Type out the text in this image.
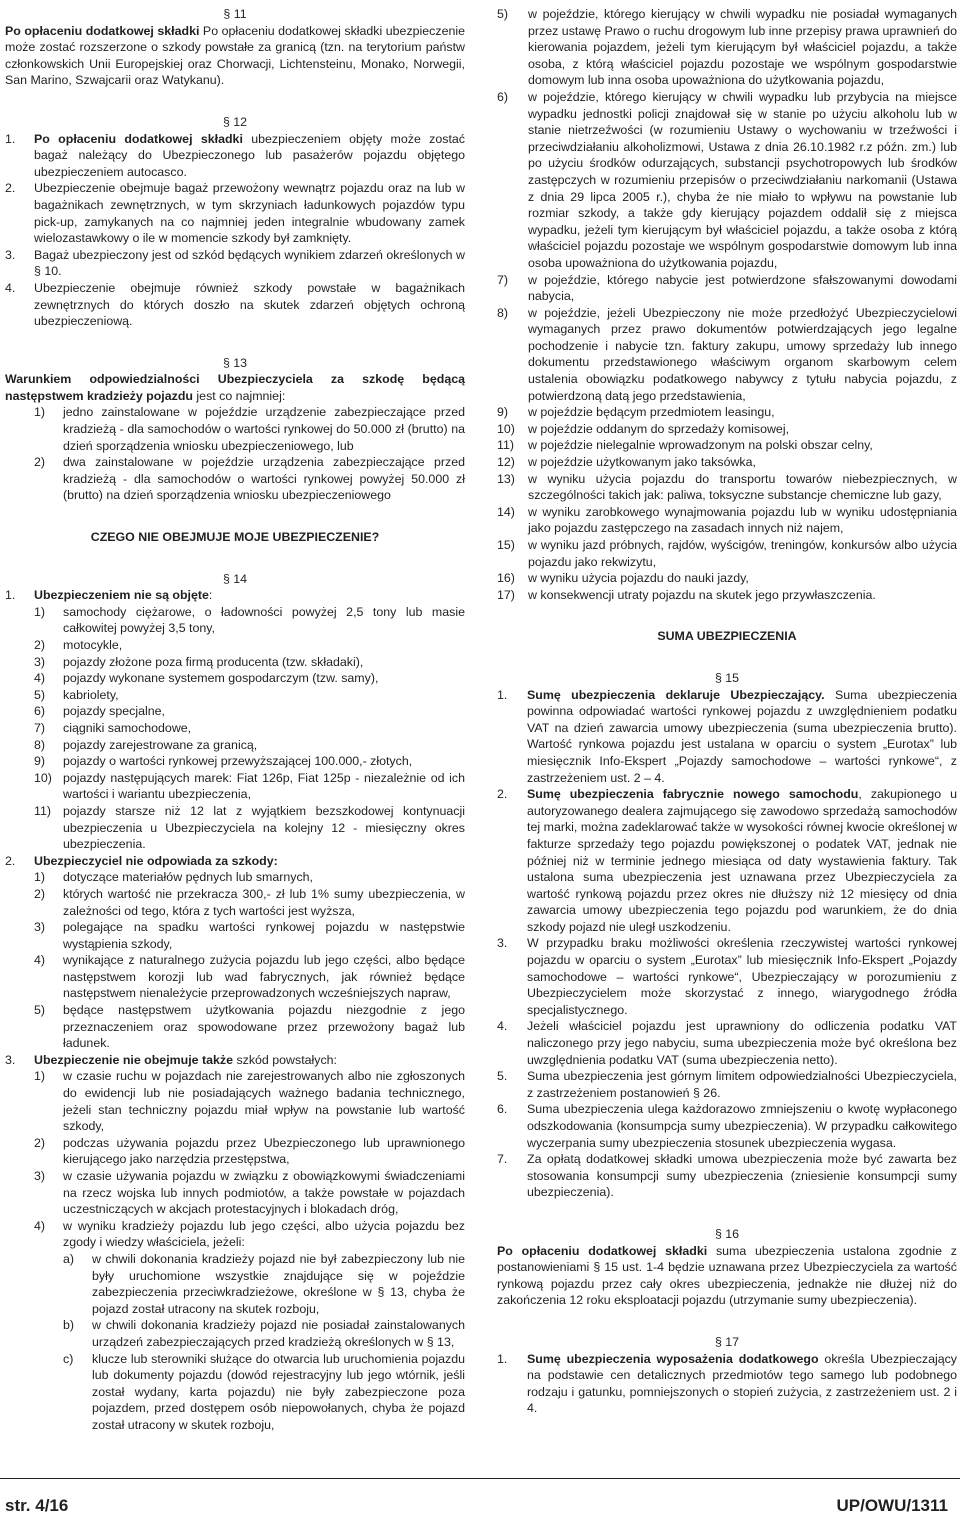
§ 11
Po opłaceniu dodatkowej składki Po opłaceniu dodatkowej składki ubezpieczenie może zostać rozszerzone o szkody powstałe za granicą (tzn. na terytorium państw członkowskich Unii Europejskiej oraz Chorwacji, Lichtensteinu, Monako, Norwegii, San Marino, Szwajcarii oraz Watykanu).
§ 12
1.	Po opłaceniu dodatkowej składki ubezpieczeniem objęty może zostać bagaż należący do Ubezpieczonego lub pasażerów pojazdu objętego ubezpieczeniem autocasco.
2.	Ubezpieczenie obejmuje bagaż przewożony wewnątrz pojazdu oraz na lub w bagażnikach zewnętrznych, w tym skrzyniach ładunkowych pojazdów typu pick-up, zamykanych na co najmniej jeden integralnie wbudowany zamek wielozastawkowy o ile w momencie szkody był zamknięty.
3.	Bagaż ubezpieczony jest od szkód będących wynikiem zdarzeń określonych w § 10.
4.	Ubezpieczenie obejmuje również szkody powstałe w bagażnikach zewnętrznych do których doszło na skutek zdarzeń objętych ochroną ubezpieczeniową.
§ 13
Warunkiem odpowiedzialności Ubezpieczyciela za szkodę będącą następstwem kradzieży pojazdu jest co najmniej:
1)	jedno zainstalowane w pojeździe urządzenie zabezpieczające przed kradzieżą - dla samochodów o wartości rynkowej do 50.000 zł (brutto) na dzień sporządzenia wniosku ubezpieczeniowego, lub
2)	dwa zainstalowane w pojeździe urządzenia zabezpieczające przed kradzieżą - dla samochodów o wartości rynkowej powyżej 50.000 zł (brutto) na dzień sporządzenia wniosku ubezpieczeniowego
CZEGO NIE OBEJMUJE MOJE UBEZPIECZENIE?
§ 14
1.	Ubezpieczeniem nie są objęte:
1)	samochody ciężarowe, o ładowności powyżej 2,5 tony lub masie całkowitej powyżej 3,5 tony,
2)	motocykle,
3)	pojazdy złożone poza firmą producenta (tzw. składaki),
4)	pojazdy wykonane systemem gospodarczym (tzw. samy),
5)	kabriolety,
6)	pojazdy specjalne,
7)	ciągniki samochodowe,
8)	pojazdy zarejestrowane za granicą,
9)	pojazdy o wartości rynkowej przewyższającej 100.000,- złotych,
10) pojazdy następujących marek: Fiat 126p, Fiat 125p - niezależnie od ich wartości i wariantu ubezpieczenia,
11) pojazdy starsze niż 12 lat z wyjątkiem bezszkodowej kontynuacji ubezpieczenia u Ubezpieczyciela na kolejny 12 - miesięczny okres ubezpieczenia.
2.	Ubezpieczyciel nie odpowiada za szkody:
1)	dotyczące materiałów pędnych lub smarnych,
2)	których wartość nie przekracza 300,- zł lub 1% sumy ubezpieczenia, w zależności od tego, która z tych wartości jest wyższa,
3)	polegające na spadku wartości rynkowej pojazdu w następstwie wystąpienia szkody,
4)	wynikające z naturalnego zużycia pojazdu lub jego części, albo będące następstwem korozji lub wad fabrycznych, jak również będące następstwem nienależycie przeprowadzonych wcześniejszych napraw,
5)	będące następstwem użytkowania pojazdu niezgodnie z jego przeznaczeniem oraz spowodowane przez przewożony bagaż lub ładunek.
3.	Ubezpieczenie nie obejmuje także szkód powstałych:
1)	w czasie ruchu w pojazdach nie zarejestrowanych albo nie zgłoszonych do ewidencji lub nie posiadających ważnego badania technicznego, jeżeli stan techniczny pojazdu miał wpływ na powstanie lub wartość szkody,
2)	podczas używania pojazdu przez Ubezpieczonego lub uprawnionego kierującego jako narzędzia przestępstwa,
3)	w czasie używania pojazdu w związku z obowiązkowymi świadczeniami na rzecz wojska lub innych podmiotów, a także powstałe w pojazdach uczestniczących w akcjach protestacyjnych i blokadach dróg,
4)	w wyniku kradzieży pojazdu lub jego części, albo użycia pojazdu bez zgody i wiedzy właściciela, jeżeli:
a)	w chwili dokonania kradzieży pojazd nie był zabezpieczony lub nie były uruchomione wszystkie znajdujące się w pojeździe zabezpieczenia przeciwkradzieżowe, określone w § 13, chyba że pojazd został utracony na skutek rozboju,
b)	w chwili dokonania kradzieży pojazd nie posiadał zainstalowanych urządzeń zabezpieczających przed kradzieżą określonych w § 13,
c)	klucze lub sterowniki służące do otwarcia lub uruchomienia pojazdu lub dokumenty pojazdu (dowód rejestracyjny lub jego wtórnik, jeśli został wydany, karta pojazdu) nie były zabezpieczone poza pojazdem, przed dostępem osób niepowołanych, chyba że pojazd został utracony w skutek rozboju,
5)	w pojeździe, którego kierujący w chwili wypadku nie posiadał wymaganych przez ustawę Prawo o ruchu drogowym lub inne przepisy prawa uprawnień do kierowania pojazdem, jeżeli tym kierującym był właściciel pojazdu, a także osoba, z którą właściciel pojazdu pozostaje we wspólnym gospodarstwie domowym lub inna osoba upoważniona do użytkowania pojazdu,
6)	w pojeździe, którego kierujący w chwili wypadku lub przybycia na miejsce wypadku jednostki policji znajdował się w stanie po użyciu alkoholu lub w stanie nietrzeźwości (w rozumieniu Ustawy o wychowaniu w trzeźwości i przeciwdziałaniu alkoholizmowi, Ustawa z dnia 26.10.1982 r.z późn. zm.) lub po użyciu środków odurzających, substancji psychotropowych lub środków zastępczych w rozumieniu przepisów o przeciwdziałaniu narkomanii (Ustawa z dnia 29 lipca 2005 r.), chyba że nie miało to wpływu na powstanie lub rozmiar szkody, a także gdy kierujący pojazdem oddalił się z miejsca wypadku, jeżeli tym kierującym był właściciel pojazdu, a także osoba z którą właściciel pojazdu pozostaje we wspólnym gospodarstwie domowym lub inna osoba upoważniona do użytkowania pojazdu,
7)	w pojeździe, którego nabycie jest potwierdzone sfałszowanymi dowodami nabycia,
8)	w pojeździe, jeżeli Ubezpieczony nie może przedłożyć Ubezpieczycielowi wymaganych przez prawo dokumentów potwierdzających jego legalne pochodzenie i nabycie tzn. faktury zakupu, umowy sprzedaży lub innego dokumentu przedstawionego właściwym organom skarbowym celem ustalenia obowiązku podatkowego nabywcy z tytułu nabycia pojazdu, z potwierdzoną datą jego przedstawienia,
9)	w pojeździe będącym przedmiotem leasingu,
10)	w pojeździe oddanym do sprzedaży komisowej,
11)	w pojeździe nielegalnie wprowadzonym na polski obszar celny,
12)	w pojeździe użytkowanym jako taksówka,
13)	w wyniku użycia pojazdu do transportu towarów niebezpiecznych, w szczególności takich jak: paliwa, toksyczne substancje chemiczne lub gazy,
14)	w wyniku zarobkowego wynajmowania pojazdu lub w wyniku udostępniania jako pojazdu zastępczego na zasadach innych niż najem,
15)	w wyniku jazd próbnych, rajdów, wyścigów, treningów, konkursów albo użycia pojazdu jako rekwizytu,
16)	w wyniku użycia pojazdu do nauki jazdy,
17)	w konsekwencji utraty pojazdu na skutek jego przywłaszczenia.
SUMA UBEZPIECZENIA
§ 15
1.	Sumę ubezpieczenia deklaruje Ubezpieczający. Suma ubezpieczenia powinna odpowiadać wartości rynkowej pojazdu z uwzględnieniem podatku VAT na dzień zawarcia umowy ubezpieczenia (suma ubezpieczenia brutto). Wartość rynkowa pojazdu jest ustalana w oparciu o system „Eurotax” lub miesięcznik Info-Ekspert „Pojazdy samochodowe – wartości rynkowe“, z zastrzeżeniem ust. 2 – 4.
2.	Sumę ubezpieczenia fabrycznie nowego samochodu, zakupionego u autoryzowanego dealera zajmującego się zawodowo sprzedażą samochodów tej marki, można zadeklarować także w wysokości równej kwocie określonej w fakturze sprzedaży tego pojazdu powiększonej o podatek VAT, jednak nie później niż w terminie jednego miesiąca od daty wystawienia faktury. Tak ustalona suma ubezpieczenia jest uznawana przez Ubezpieczyciela za wartość rynkową pojazdu przez okres nie dłuższy niż 12 miesięcy od dnia zawarcia umowy ubezpieczenia tego pojazdu pod warunkiem, że do dnia szkody pojazd nie uległ uszkodzeniu.
3.	W przypadku braku możliwości określenia rzeczywistej wartości rynkowej pojazdu w oparciu o system „Eurotax” lub miesięcznik Info-Ekspert „Pojazdy samochodowe – wartości rynkowe“, Ubezpieczający w porozumieniu z Ubezpieczycielem może skorzystać z innego, wiarygodnego źródła specjalistycznego.
4.	Jeżeli właściciel pojazdu jest uprawniony do odliczenia podatku VAT naliczonego przy jego nabyciu, suma ubezpieczenia może być określona bez uwzględnienia podatku VAT (suma ubezpieczenia netto).
5.	Suma ubezpieczenia jest górnym limitem odpowiedzialności Ubezpieczyciela, z zastrzeżeniem postanowień § 26.
6.	Suma ubezpieczenia ulega każdorazowo zmniejszeniu o kwotę wypłaconego odszkodowania (konsumpcja sumy ubezpieczenia). W przypadku całkowitego wyczerpania sumy ubezpieczenia stosunek ubezpieczenia wygasa.
7.	Za opłatą dodatkowej składki umowa ubezpieczenia może być zawarta bez stosowania konsumpcji sumy ubezpieczenia (zniesienie konsumpcji sumy ubezpieczenia).
§ 16
Po opłaceniu dodatkowej składki suma ubezpieczenia ustalona zgodnie z postanowieniami § 15 ust. 1-4 będzie uznawana przez Ubezpieczyciela za wartość rynkową pojazdu przez cały okres ubezpieczenia, jednakże nie dłużej niż do zakończenia 12 roku eksploatacji pojazdu (utrzymanie sumy ubezpieczenia).
§ 17
1.	Sumę ubezpieczenia wyposażenia dodatkowego określa Ubezpieczający na podstawie cen detalicznych przedmiotów tego samego lub podobnego rodzaju i gatunku, pomniejszonych o stopień zużycia, z zastrzeżeniem ust. 2 i 4.
str. 4/16	UP/OWU/1311
